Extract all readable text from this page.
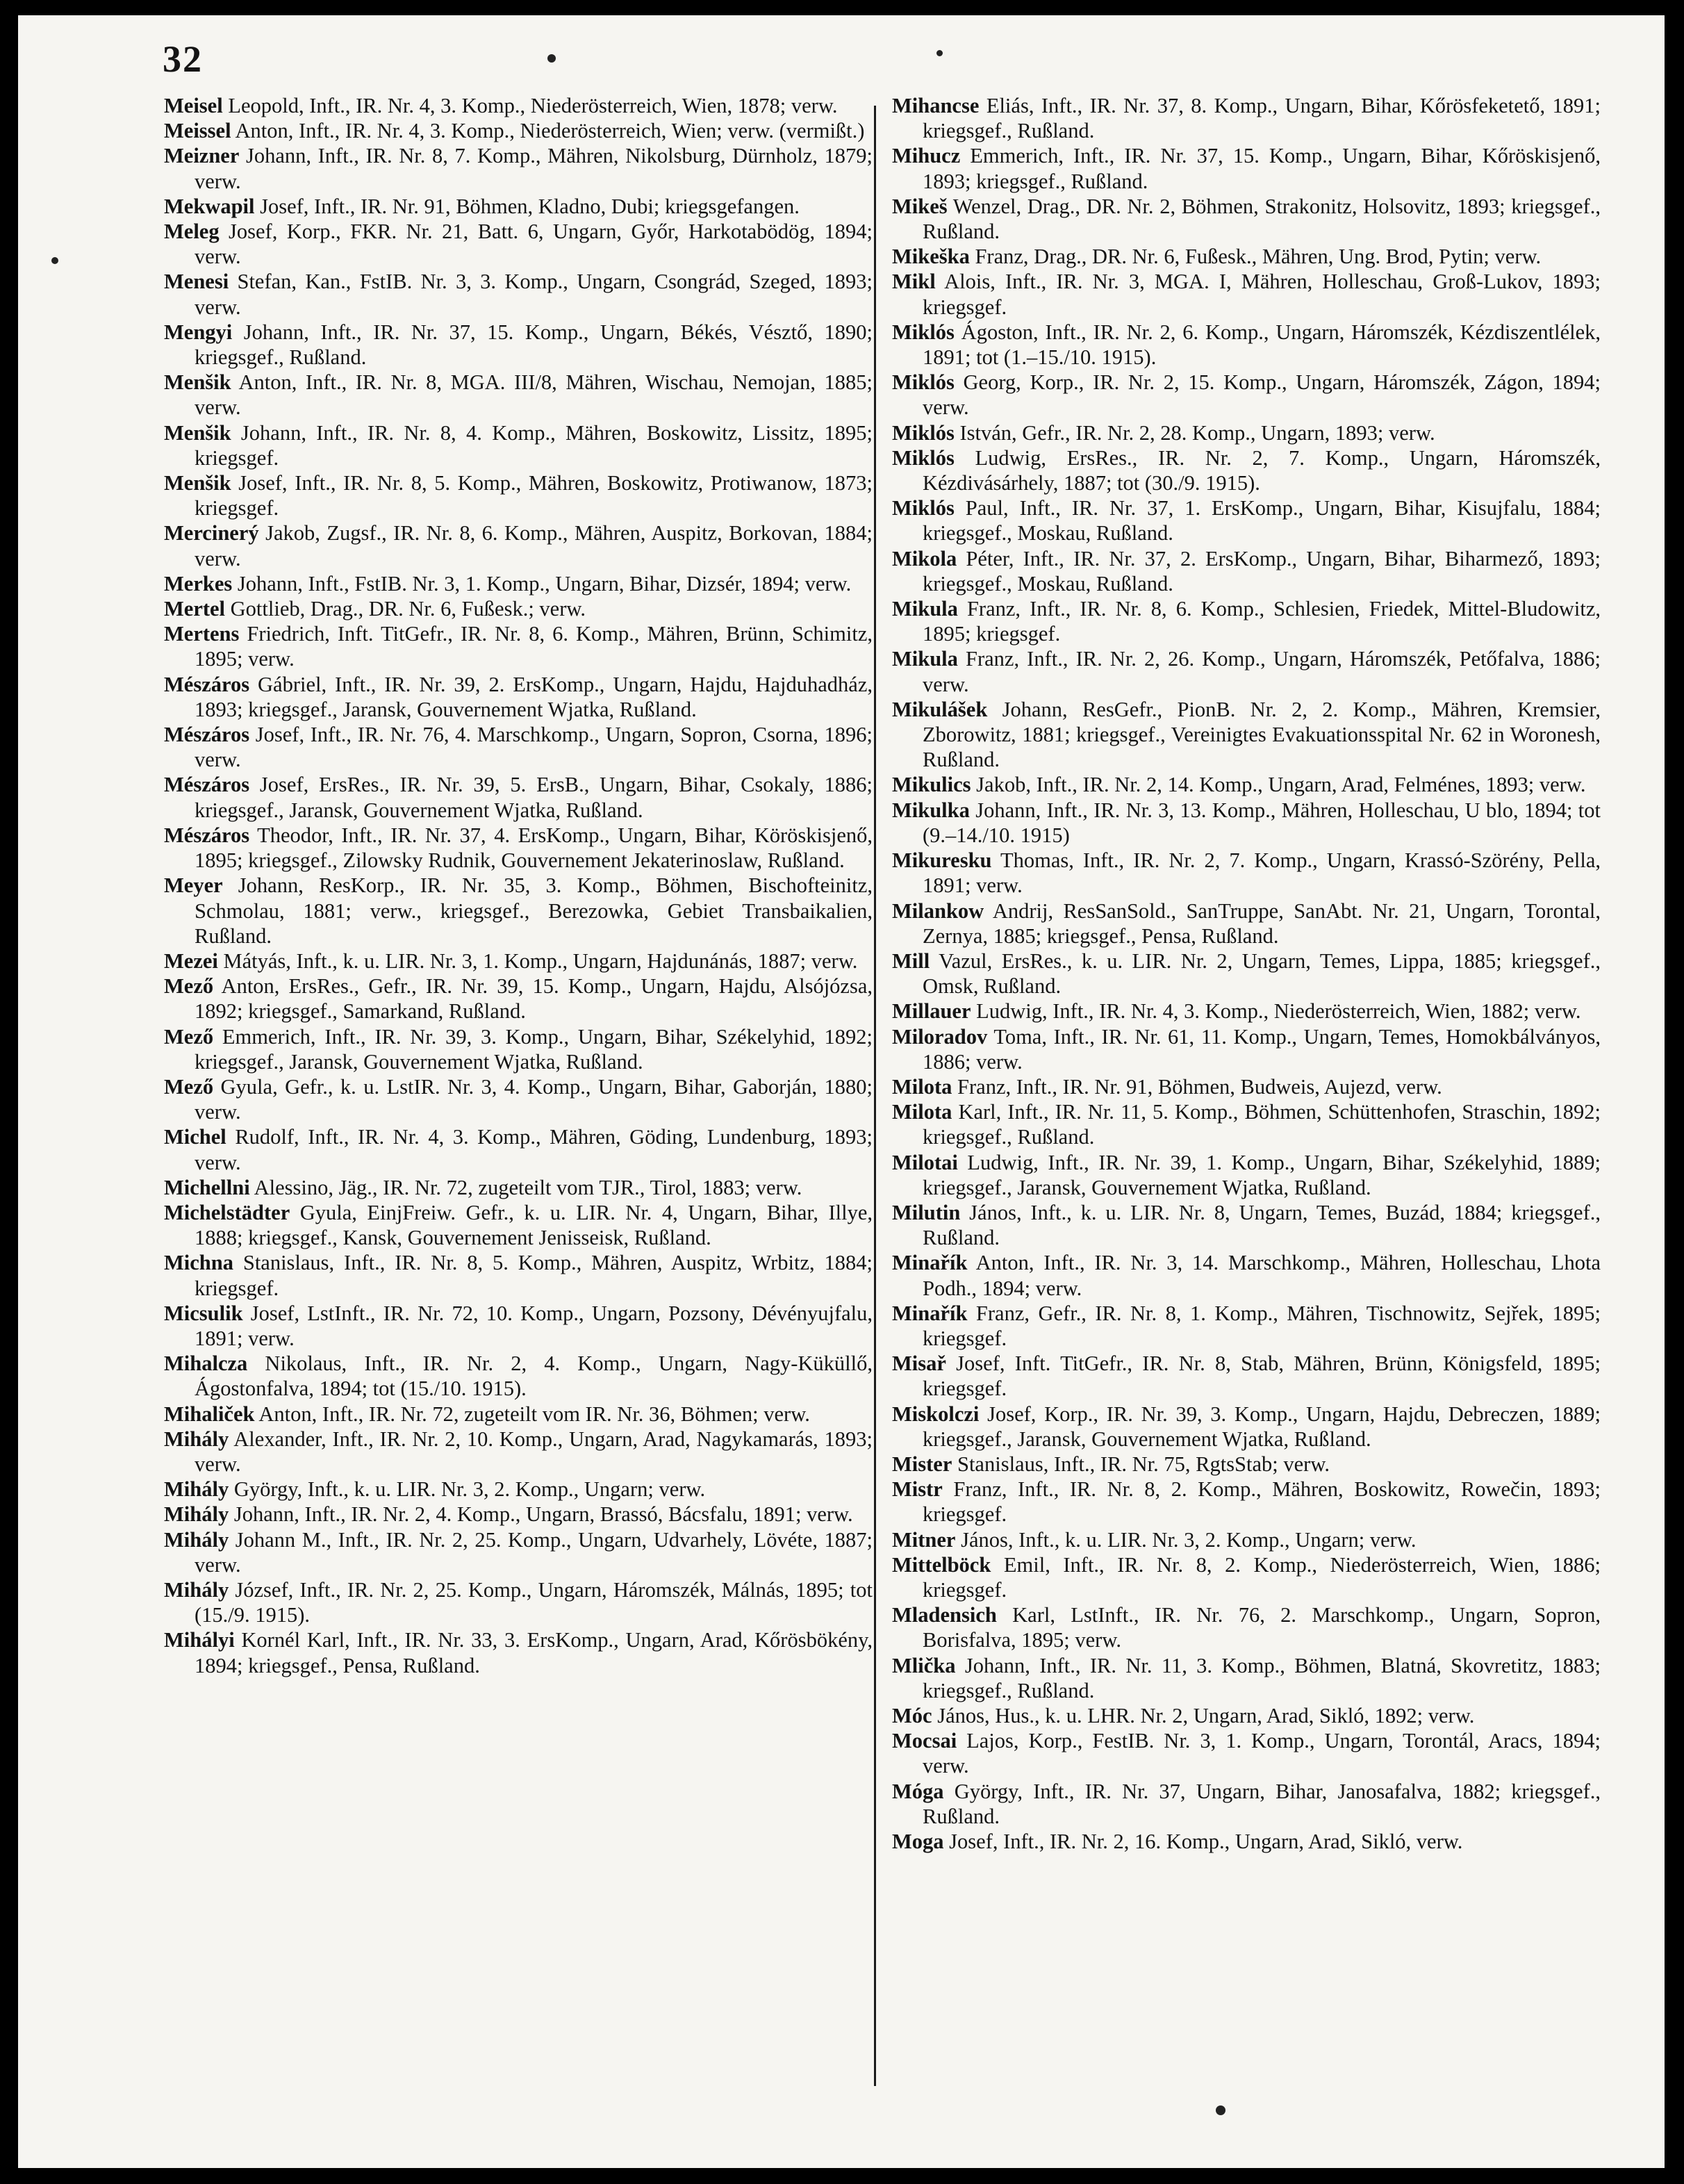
32

Meisel Leopold, Inft., IR. Nr. 4, 3. Komp., Niederösterreich, Wien, 1878; verw.

Meissel Anton, Inft., IR. Nr. 4, 3. Komp., Niederösterreich, Wien; verw. (vermißt.)

Meizner Johann, Inft., IR. Nr. 8, 7. Komp., Mähren, Nikolsburg, Dürnholz, 1879; verw.

Mekwapil Josef, Inft., IR. Nr. 91, Böhmen, Kladno, Dubi; kriegsgefangen.

Meleg Josef, Korp., FKR. Nr. 21, Batt. 6, Ungarn, Győr, Harkotabödög, 1894; verw.

Menesi Stefan, Kan., FstIB. Nr. 3, 3. Komp., Ungarn, Csongrád, Szeged, 1893; verw.

Mengyi Johann, Inft., IR. Nr. 37, 15. Komp., Ungarn, Békés, Vésztő, 1890; kriegsgef., Rußland.

Menšik Anton, Inft., IR. Nr. 8, MGA. III/8, Mähren, Wischau, Nemojan, 1885; verw.

Menšik Johann, Inft., IR. Nr. 8, 4. Komp., Mähren, Boskowitz, Lissitz, 1895; kriegsgef.

Menšik Josef, Inft., IR. Nr. 8, 5. Komp., Mähren, Boskowitz, Protiwanow, 1873; kriegsgef.

Mercinerý Jakob, Zugsf., IR. Nr. 8, 6. Komp., Mähren, Auspitz, Borkovan, 1884; verw.

Merkes Johann, Inft., FstIB. Nr. 3, 1. Komp., Ungarn, Bihar, Dizsér, 1894; verw.

Mertel Gottlieb, Drag., DR. Nr. 6, Fußesk.; verw.

Mertens Friedrich, Inft. TitGefr., IR. Nr. 8, 6. Komp., Mähren, Brünn, Schimitz, 1895; verw.

Mészáros Gábriel, Inft., IR. Nr. 39, 2. ErsKomp., Ungarn, Hajdu, Hajduhadház, 1893; kriegsgef., Jaransk, Gouvernement Wjatka, Rußland.

Mészáros Josef, Inft., IR. Nr. 76, 4. Marschkomp., Ungarn, Sopron, Csorna, 1896; verw.

Mészáros Josef, ErsRes., IR. Nr. 39, 5. ErsB., Ungarn, Bihar, Csokaly, 1886; kriegsgef., Jaransk, Gouvernement Wjatka, Rußland.

Mészáros Theodor, Inft., IR. Nr. 37, 4. ErsKomp., Ungarn, Bihar, Köröskisjenő, 1895; kriegsgef., Zilowsky Rudnik, Gouvernement Jekaterinoslaw, Rußland.

Meyer Johann, ResKorp., IR. Nr. 35, 3. Komp., Böhmen, Bischofteinitz, Schmolau, 1881; verw., kriegsgef., Berezowka, Gebiet Transbaikalien, Rußland.

Mezei Mátyás, Inft., k. u. LIR. Nr. 3, 1. Komp., Ungarn, Hajdunánás, 1887; verw.

Mező Anton, ErsRes., Gefr., IR. Nr. 39, 15. Komp., Ungarn, Hajdu, Alsójózsa, 1892; kriegsgef., Samarkand, Rußland.

Mező Emmerich, Inft., IR. Nr. 39, 3. Komp., Ungarn, Bihar, Székelyhid, 1892; kriegsgef., Jaransk, Gouvernement Wjatka, Rußland.

Mező Gyula, Gefr., k. u. LstIR. Nr. 3, 4. Komp., Ungarn, Bihar, Gaborján, 1880; verw.

Michel Rudolf, Inft., IR. Nr. 4, 3. Komp., Mähren, Göding, Lundenburg, 1893; verw.

Michellni Alessino, Jäg., IR. Nr. 72, zugeteilt vom TJR., Tirol, 1883; verw.

Michelstädter Gyula, EinjFreiw. Gefr., k. u. LIR. Nr. 4, Ungarn, Bihar, Illye, 1888; kriegsgef., Kansk, Gouvernement Jenisseisk, Rußland.

Michna Stanislaus, Inft., IR. Nr. 8, 5. Komp., Mähren, Auspitz, Wrbitz, 1884; kriegsgef.

Micsulik Josef, LstInft., IR. Nr. 72, 10. Komp., Ungarn, Pozsony, Dévényujfalu, 1891; verw.

Mihalcza Nikolaus, Inft., IR. Nr. 2, 4. Komp., Ungarn, Nagy-Küküllő, Ágostonfalva, 1894; tot (15./10. 1915).

Mihaliček Anton, Inft., IR. Nr. 72, zugeteilt vom IR. Nr. 36, Böhmen; verw.

Mihály Alexander, Inft., IR. Nr. 2, 10. Komp., Ungarn, Arad, Nagykamarás, 1893; verw.

Mihály György, Inft., k. u. LIR. Nr. 3, 2. Komp., Ungarn; verw.

Mihály Johann, Inft., IR. Nr. 2, 4. Komp., Ungarn, Brassó, Bácsfalu, 1891; verw.

Mihály Johann M., Inft., IR. Nr. 2, 25. Komp., Ungarn, Udvarhely, Lövéte, 1887; verw.

Mihály József, Inft., IR. Nr. 2, 25. Komp., Ungarn, Háromszék, Málnás, 1895; tot (15./9. 1915).

Mihályi Kornél Karl, Inft., IR. Nr. 33, 3. ErsKomp., Ungarn, Arad, Kőrösbökény, 1894; kriegsgef., Pensa, Rußland.

Mihancse Eliás, Inft., IR. Nr. 37, 8. Komp., Ungarn, Bihar, Kőrösfeketető, 1891; kriegsgef., Rußland.

Mihucz Emmerich, Inft., IR. Nr. 37, 15. Komp., Ungarn, Bihar, Kőröskisjenő, 1893; kriegsgef., Rußland.

Mikeš Wenzel, Drag., DR. Nr. 2, Böhmen, Strakonitz, Holsovitz, 1893; kriegsgef., Rußland.

Mikeška Franz, Drag., DR. Nr. 6, Fußesk., Mähren, Ung. Brod, Pytin; verw.

Mikl Alois, Inft., IR. Nr. 3, MGA. I, Mähren, Holleschau, Groß-Lukov, 1893; kriegsgef.

Miklós Ágoston, Inft., IR. Nr. 2, 6. Komp., Ungarn, Háromszék, Kézdiszentlélek, 1891; tot (1.–15./10. 1915).

Miklós Georg, Korp., IR. Nr. 2, 15. Komp., Ungarn, Háromszék, Zágon, 1894; verw.

Miklós István, Gefr., IR. Nr. 2, 28. Komp., Ungarn, 1893; verw.

Miklós Ludwig, ErsRes., IR. Nr. 2, 7. Komp., Ungarn, Háromszék, Kézdivásárhely, 1887; tot (30./9. 1915).

Miklós Paul, Inft., IR. Nr. 37, 1. ErsKomp., Ungarn, Bihar, Kisujfalu, 1884; kriegsgef., Moskau, Rußland.

Mikola Péter, Inft., IR. Nr. 37, 2. ErsKomp., Ungarn, Bihar, Biharmező, 1893; kriegsgef., Moskau, Rußland.

Mikula Franz, Inft., IR. Nr. 8, 6. Komp., Schlesien, Friedek, Mittel-Bludowitz, 1895; kriegsgef.

Mikula Franz, Inft., IR. Nr. 2, 26. Komp., Ungarn, Háromszék, Petőfalva, 1886; verw.

Mikulášek Johann, ResGefr., PionB. Nr. 2, 2. Komp., Mähren, Kremsier, Zborowitz, 1881; kriegsgef., Vereinigtes Evakuationsspital Nr. 62 in Woronesh, Rußland.

Mikulics Jakob, Inft., IR. Nr. 2, 14. Komp., Ungarn, Arad, Felménes, 1893; verw.

Mikulka Johann, Inft., IR. Nr. 3, 13. Komp., Mähren, Holleschau, U blo, 1894; tot (9.–14./10. 1915)

Mikuresku Thomas, Inft., IR. Nr. 2, 7. Komp., Ungarn, Krassó-Szörény, Pella, 1891; verw.

Milankow Andrij, ResSanSold., SanTruppe, SanAbt. Nr. 21, Ungarn, Torontal, Zernya, 1885; kriegsgef., Pensa, Rußland.

Mill Vazul, ErsRes., k. u. LIR. Nr. 2, Ungarn, Temes, Lippa, 1885; kriegsgef., Omsk, Rußland.

Millauer Ludwig, Inft., IR. Nr. 4, 3. Komp., Niederösterreich, Wien, 1882; verw.

Miloradov Toma, Inft., IR. Nr. 61, 11. Komp., Ungarn, Temes, Homokbálványos, 1886; verw.

Milota Franz, Inft., IR. Nr. 91, Böhmen, Budweis, Aujezd, verw.

Milota Karl, Inft., IR. Nr. 11, 5. Komp., Böhmen, Schüttenhofen, Straschin, 1892; kriegsgef., Rußland.

Milotai Ludwig, Inft., IR. Nr. 39, 1. Komp., Ungarn, Bihar, Székelyhid, 1889; kriegsgef., Jaransk, Gouvernement Wjatka, Rußland.

Milutin János, Inft., k. u. LIR. Nr. 8, Ungarn, Temes, Buzád, 1884; kriegsgef., Rußland.

Minařík Anton, Inft., IR. Nr. 3, 14. Marschkomp., Mähren, Holleschau, Lhota Podh., 1894; verw.

Minařík Franz, Gefr., IR. Nr. 8, 1. Komp., Mähren, Tischnowitz, Sejřek, 1895; kriegsgef.

Misař Josef, Inft. TitGefr., IR. Nr. 8, Stab, Mähren, Brünn, Königsfeld, 1895; kriegsgef.

Miskolczi Josef, Korp., IR. Nr. 39, 3. Komp., Ungarn, Hajdu, Debreczen, 1889; kriegsgef., Jaransk, Gouvernement Wjatka, Rußland.

Mister Stanislaus, Inft., IR. Nr. 75, RgtsStab; verw.

Mistr Franz, Inft., IR. Nr. 8, 2. Komp., Mähren, Boskowitz, Rowečin, 1893; kriegsgef.

Mitner János, Inft., k. u. LIR. Nr. 3, 2. Komp., Ungarn; verw.

Mittelböck Emil, Inft., IR. Nr. 8, 2. Komp., Niederösterreich, Wien, 1886; kriegsgef.

Mladensich Karl, LstInft., IR. Nr. 76, 2. Marschkomp., Ungarn, Sopron, Borisfalva, 1895; verw.

Mlička Johann, Inft., IR. Nr. 11, 3. Komp., Böhmen, Blatná, Skovretitz, 1883; kriegsgef., Rußland.

Móc János, Hus., k. u. LHR. Nr. 2, Ungarn, Arad, Sikló, 1892; verw.

Mocsai Lajos, Korp., FestIB. Nr. 3, 1. Komp., Ungarn, Torontál, Aracs, 1894; verw.

Móga György, Inft., IR. Nr. 37, Ungarn, Bihar, Janosafalva, 1882; kriegsgef., Rußland.

Moga Josef, Inft., IR. Nr. 2, 16. Komp., Ungarn, Arad, Sikló, verw.
